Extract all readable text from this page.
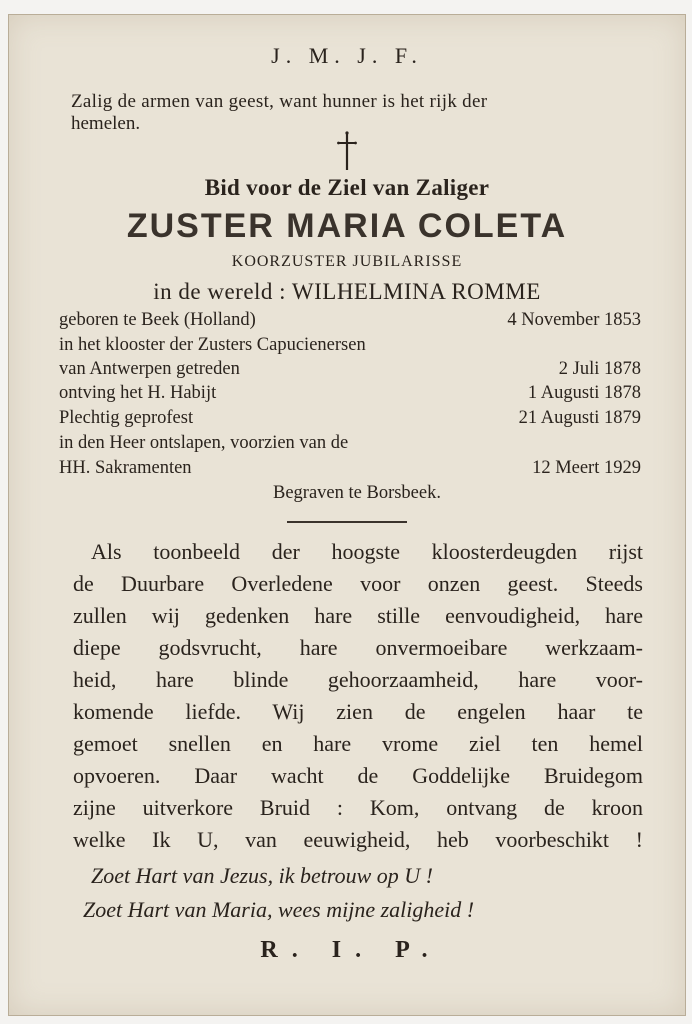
J. M. J. F.
Zalig de armen van geest, want hunner is het rijk der
hemelen.
Bid voor de Ziel van Zaliger
ZUSTER MARIA COLETA
KOORZUSTER JUBILARISSE
in de wereld : WILHELMINA ROMME
geboren te Beek (Holland)	4 November 1853
in het klooster der Zusters Capucienersen
van Antwerpen getreden	2 Juli 1878
ontving het H. Habijt	1 Augusti 1878
Plechtig geprofest	21 Augusti 1879
in den Heer ontslapen, voorzien van de
HH. Sakramenten	12 Meert 1929
Begraven te Borsbeek.
Als toonbeeld der hoogste kloosterdeugden rijst
de Duurbare Overledene voor onzen geest. Steeds
zullen wij gedenken hare stille eenvoudigheid, hare
diepe godsvrucht, hare onvermoeibare werkzaam-
heid, hare blinde gehoorzaamheid, hare voor-
komende liefde. Wij zien de engelen haar te
gemoet snellen en hare vrome ziel ten hemel
opvoeren. Daar wacht de Goddelijke Bruidegom
zijne uitverkore Bruid : Kom, ontvang de kroon
welke Ik U, van eeuwigheid, heb voorbeschikt !
Zoet Hart van Jezus, ik betrouw op U !
Zoet Hart van Maria, wees mijne zaligheid !
R. I. P.
